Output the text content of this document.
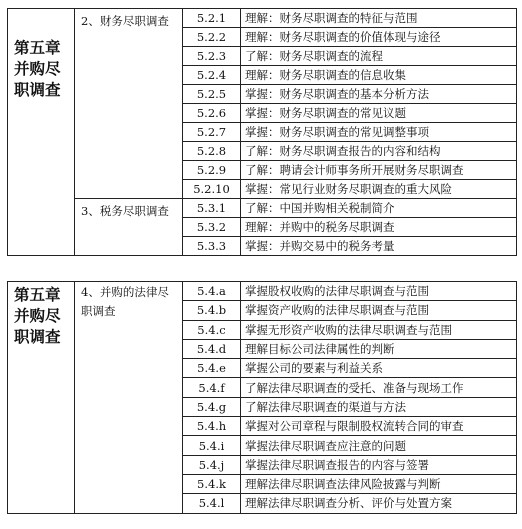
第五章并购尽职调查	2、财务尽职调查	5.2.1	理解：财务尽职调查的特征与范围
		5.2.2	理解：财务尽职调查的价值体现与途径
		5.2.3	了解：财务尽职调查的流程
		5.2.4	理解：财务尽职调查的信息收集
		5.2.5	掌握：财务尽职调查的基本分析方法
		5.2.6	掌握：财务尽职调查的常见议题
		5.2.7	掌握：财务尽职调查的常见调整事项
		5.2.8	了解：财务尽职调查报告的内容和结构
		5.2.9	了解：聘请会计师事务所开展财务尽职调查
		5.2.10	掌握：常见行业财务尽职调查的重大风险
	3、税务尽职调查	5.3.1	了解：中国并购相关税制简介
		5.3.2	理解：并购中的税务尽职调查
		5.3.3	掌握：并购交易中的税务考量
第五章并购尽职调查	4、并购的法律尽职调查	5.4.a	掌握股权收购的法律尽职调查与范围
		5.4.b	掌握资产收购的法律尽职调查与范围
		5.4.c	掌握无形资产收购的法律尽职调查与范围
		5.4.d	理解目标公司法律属性的判断
		5.4.e	掌握公司的要素与利益关系
		5.4.f	了解法律尽职调查的受托、准备与现场工作
		5.4.g	了解法律尽职调查的渠道与方法
		5.4.h	掌握对公司章程与限制股权流转合同的审查
		5.4.i	掌握法律尽职调查应注意的问题
		5.4.j	掌握法律尽职调查报告的内容与签署
		5.4.k	理解法律尽职调查法律风险披露与判断
		5.4.l	理解法律尽职调查分析、评价与处置方案
